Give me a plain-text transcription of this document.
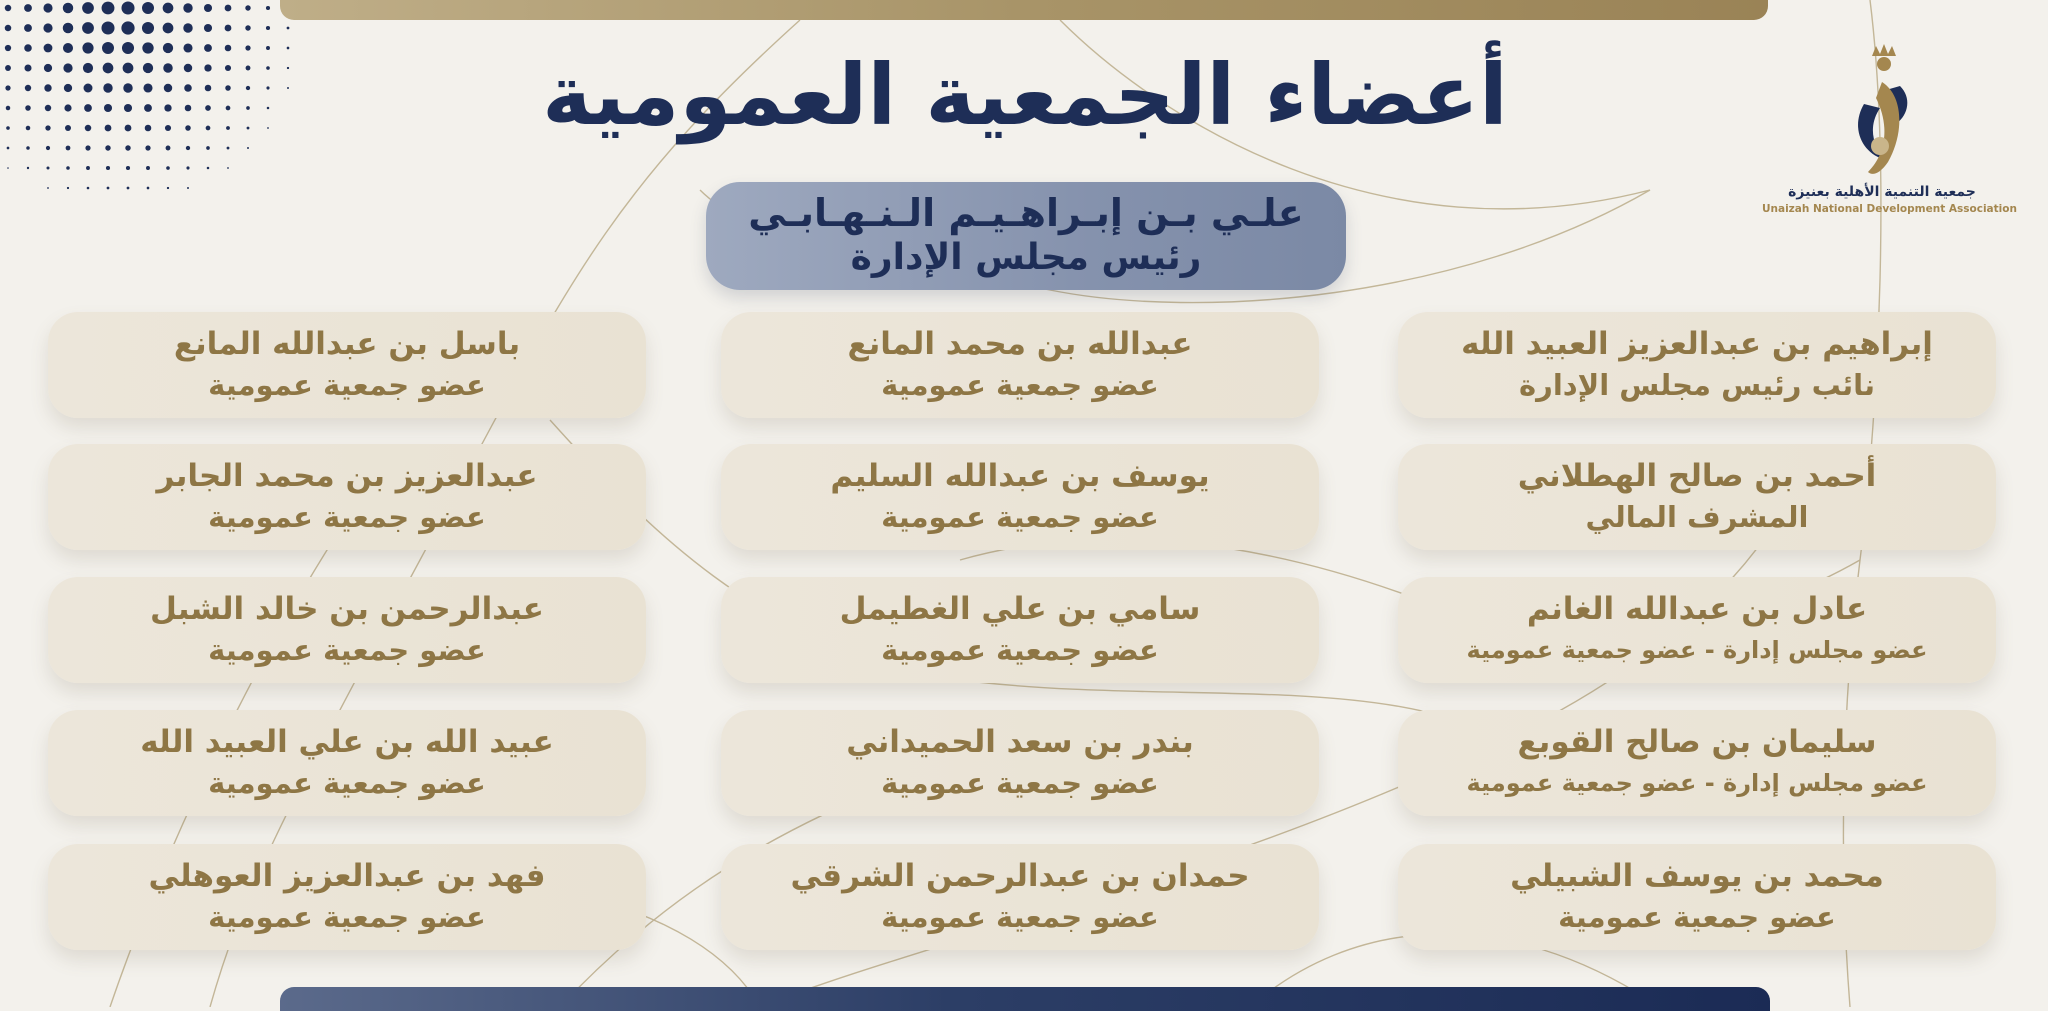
جمعية التنمية الأهلية بعنيزة
Unaizah National Development Association
أعضاء الجمعية العمومية
علـي بـن إبـراهـيـم الـنـهـابـي
رئيس مجلس الإدارة
إبراهيم بن عبدالعزيز العبيد الله
نائب رئيس مجلس الإدارة
عبدالله بن محمد المانع
عضو جمعية عمومية
باسل بن عبدالله المانع
عضو جمعية عمومية
أحمد بن صالح الهطلاني
المشرف المالي
يوسف بن عبدالله السليم
عضو جمعية عمومية
عبدالعزيز بن محمد الجابر
عضو جمعية عمومية
عادل بن عبدالله الغانم
عضو مجلس إدارة - عضو جمعية عمومية
سامي بن علي الغطيمل
عضو جمعية عمومية
عبدالرحمن بن خالد الشبل
عضو جمعية عمومية
سليمان بن صالح القوبع
عضو مجلس إدارة - عضو جمعية عمومية
بندر بن سعد الحميداني
عضو جمعية عمومية
عبيد الله بن علي العبيد الله
عضو جمعية عمومية
محمد بن يوسف الشبيلي
عضو جمعية عمومية
حمدان بن عبدالرحمن الشرقي
عضو جمعية عمومية
فهد بن عبدالعزيز العوهلي
عضو جمعية عمومية
